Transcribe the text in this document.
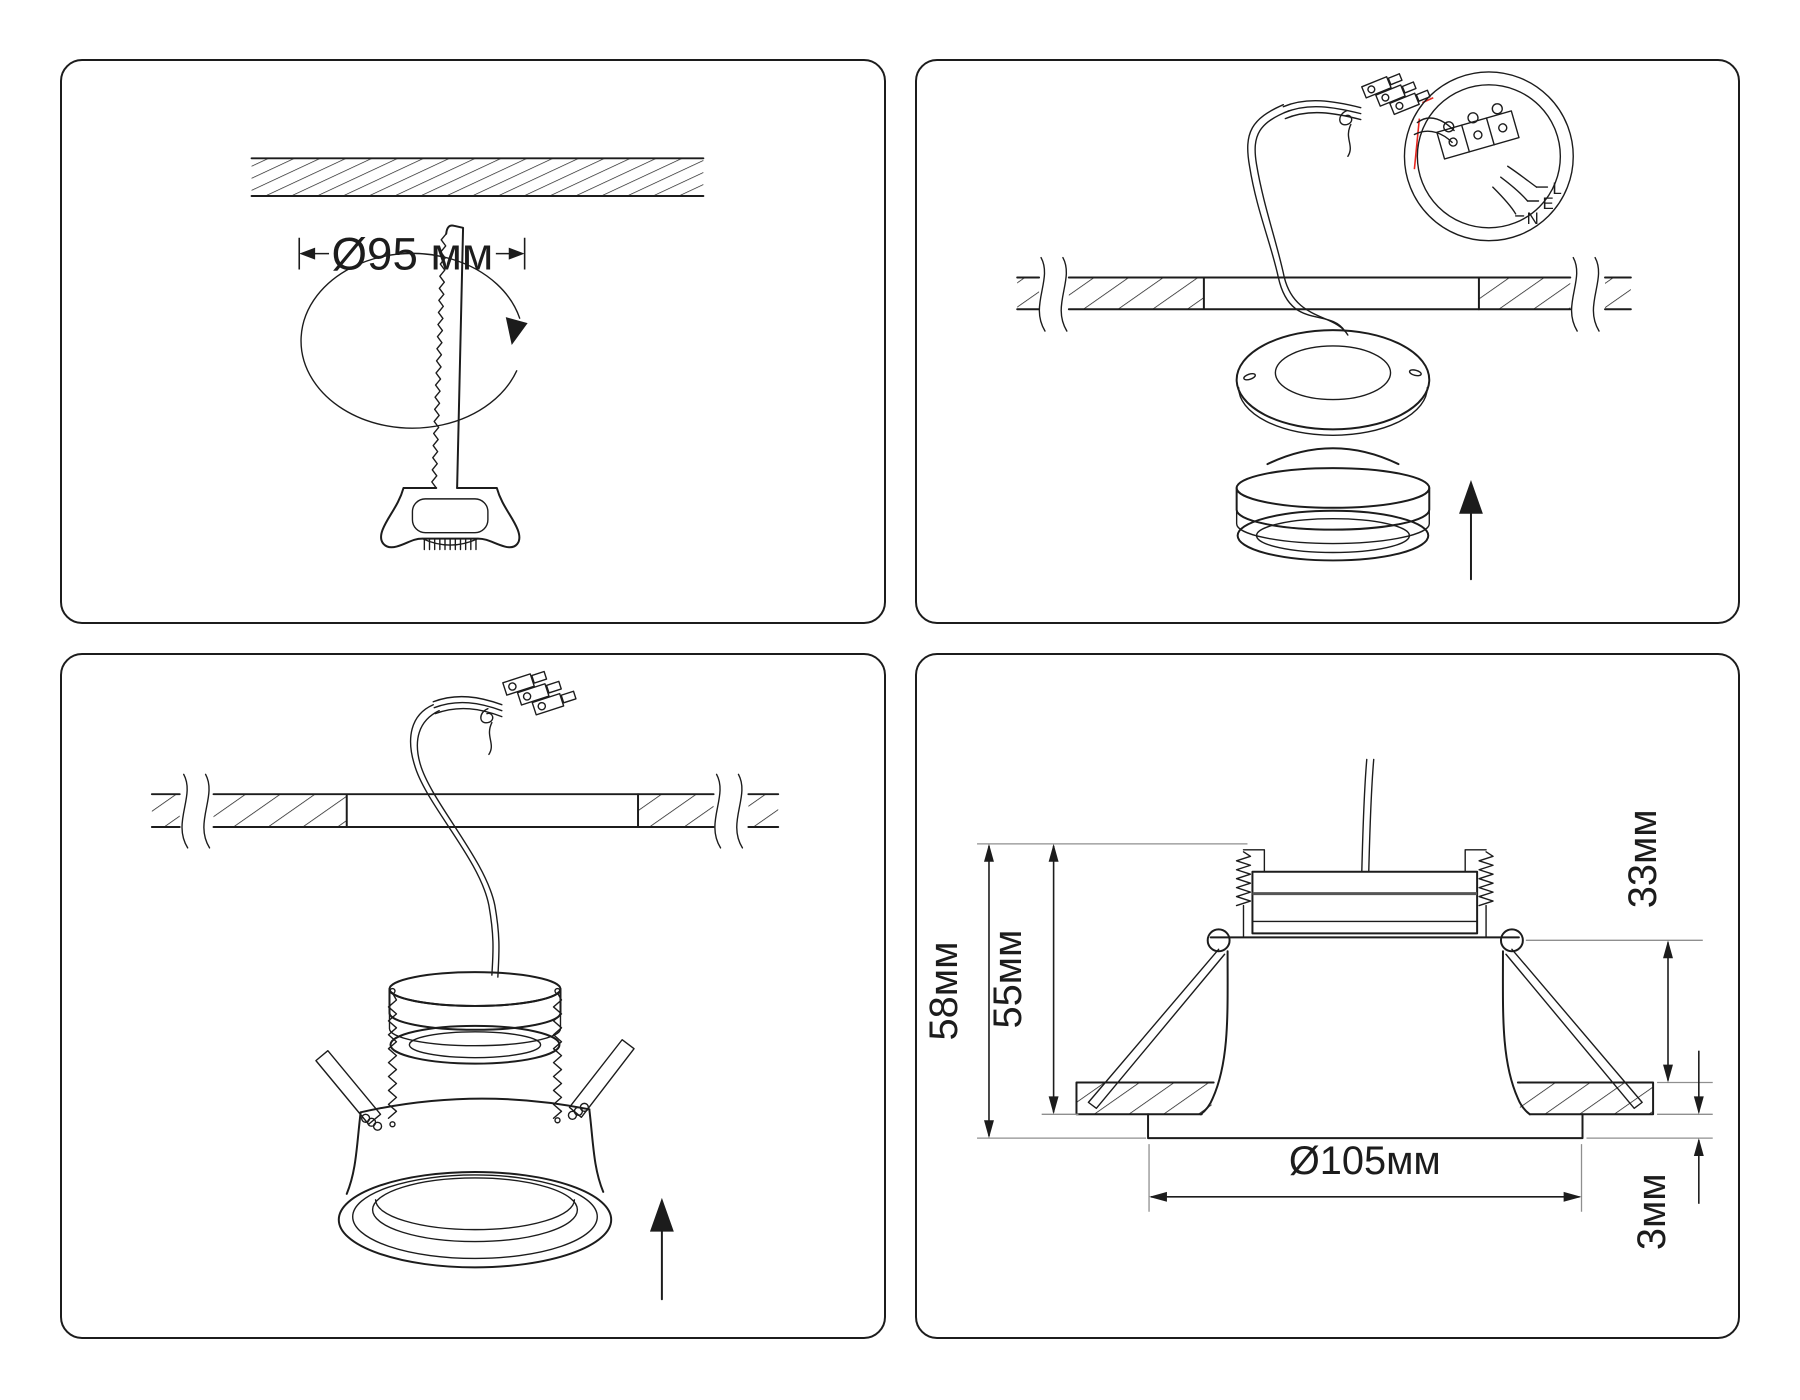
Ø95 мм
L
E
N
58мм 55мм
33мм
3мм
Ø105мм
